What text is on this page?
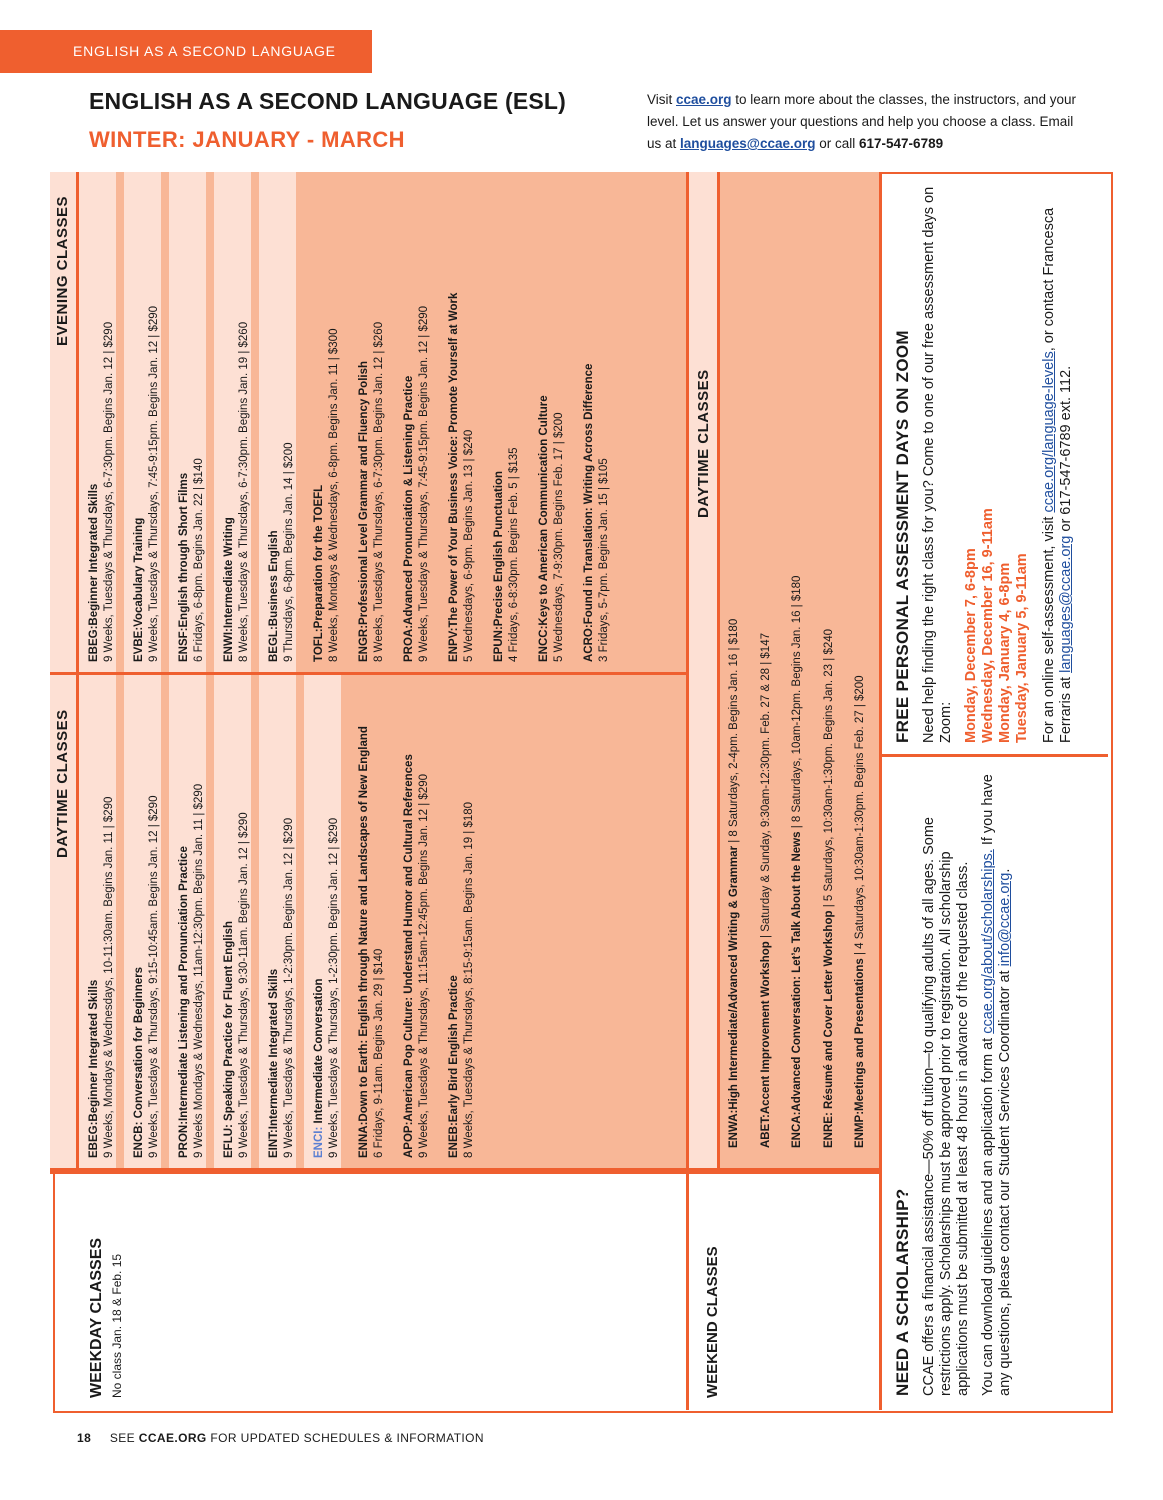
ENGLISH AS A SECOND LANGUAGE
ENGLISH AS A SECOND LANGUAGE (ESL)
WINTER: JANUARY - MARCH
Visit ccae.org to learn more about the classes, the instructors, and your level. Let us answer your questions and help you choose a class. Email us at languages@ccae.org or call 617-547-6789
WEEKDAY CLASSES No class Jan. 18 & Feb. 15
DAYTIME CLASSES
EVENING CLASSES
EBEG:Beginner Integrated Skills 9 Weeks, Mondays & Wednesdays, 10-11:30am. Begins Jan. 11 | $290	ENCB: Conversation for Beginners 9 Weeks, Tuesdays & Thursdays, 9:15-10:45am. Begins Jan. 12 | $290	PRON:Intermediate Listening and Pronunciation Practice 9 Weeks Mondays & Wednesdays, 11am-12:30pm. Begins Jan. 11 | $290	EFLU: Speaking Practice for Fluent English 9 Weeks, Tuesdays & Thursdays, 9:30-11am. Begins Jan. 12 | $290	EINT:Intermediate Integrated Skills 9 Weeks, Tuesdays & Thursdays, 1-2:30pm. Begins Jan. 12 | $290	ENCI: Intermediate Conversation 9 Weeks, Tuesdays & Thursdays, 1-2:30pm. Begins Jan. 12 | $290	ENNA:Down to Earth: English through Nature and Landscapes of New England 6 Fridays, 9-11am. Begins Jan. 29 | $140	APOP:American Pop Culture: Understand Humor and Cultural References 9 Weeks, Tuesdays & Thursdays, 11:15am-12:45pm. Begins Jan. 12 | $290	ENEB:Early Bird English Practice 8 Weeks, Tuesdays & Thursdays, 8:15-9:15am. Begins Jan. 19 | $180
EBEG:Beginner Integrated Skills 9 Weeks, Tuesdays & Thursdays, 6-7:30pm. Begins Jan. 12 | $290	EVBE:Vocabulary Training 9 Weeks, Tuesdays & Thursdays, 7:45-9:15pm. Begins Jan. 12 | $290	ENSF:English through Short Films 6 Fridays, 6-8pm. Begins Jan. 22 | $140	ENWI:Intermediate Writing 8 Weeks, Tuesdays & Thursdays, 6-7:30pm. Begins Jan. 19 | $260	BEGL:Business English 9 Thursdays, 6-8pm. Begins Jan. 14 | $200	TOFL:Preparation for the TOEFL 8 Weeks, Mondays & Wednesdays, 6-8pm. Begins Jan. 11 | $300	ENGR:Professional Level Grammar and Fluency Polish 8 Weeks, Tuesdays & Thursdays, 6-7:30pm. Begins Jan. 12 | $260	PROA:Advanced Pronunciation & Listening Practice 9 Weeks, Tuesdays & Thursdays, 7:45-9:15pm. Begins Jan. 12 | $290	ENPV:The Power of Your Business Voice: Promote Yourself at Work 5 Wednesdays, 6-9pm. Begins Jan. 13 | $240	EPUN:Precise English Punctuation 4 Fridays, 6-8:30pm. Begins Feb. 5 | $135	ENCC:Keys to American Communication Culture 5 Wednesdays, 7-9:30pm. Begins Feb. 17 | $200	ACRO:Found in Translation: Writing Across Difference 3 Fridays, 5-7pm. Begins Jan. 15 | $105
WEEKEND CLASSES
DAYTIME CLASSES
ENWA:High Intermediate/Advanced Writing & Grammar | 8 Saturdays, 2-4pm. Begins Jan. 16 | $180
ABET:Accent Improvement Workshop | Saturday & Sunday, 9:30am-12:30pm. Feb. 27 & 28 | $147
ENCA:Advanced Conversation: Let’s Talk About the News | 8 Saturdays, 10am-12pm. Begins Jan. 16 | $180
ENRE: Résumé and Cover Letter Workshop | 5 Saturdays, 10:30am-1:30pm. Begins Jan. 23 | $240
ENMP:Meetings and Presentations | 4 Saturdays, 10:30am-1:30pm. Begins Feb. 27 | $200
NEED A SCHOLARSHIP? CCAE offers a financial assistance—50% off tuition—to qualifying adults of all ages. Some restrictions apply. Scholarships must be approved prior to registration. All scholarship applications must be submitted at least 48 hours in advance of the requested class. You can download guidelines and an application form at ccae.org/about/scholarships. If you have any questions, please contact our Student Services Coordinator at info@ccae.org.

FREE PERSONAL ASSESSMENT DAYS ON ZOOM Need help finding the right class for you? Come to one of our free assessment days on Zoom: Monday, December 7, 6-8pm Wednesday, December 16, 9-11am Monday, January 4, 6-8pm Tuesday, January 5, 9-11am For an online self-assessment, visit ccae.org/language-levels, or contact Francesca Ferraris at languages@ccae.org or 617-547-6789 ext. 112.

18 SEE CCAE.ORG FOR UPDATED SCHEDULES & INFORMATION
